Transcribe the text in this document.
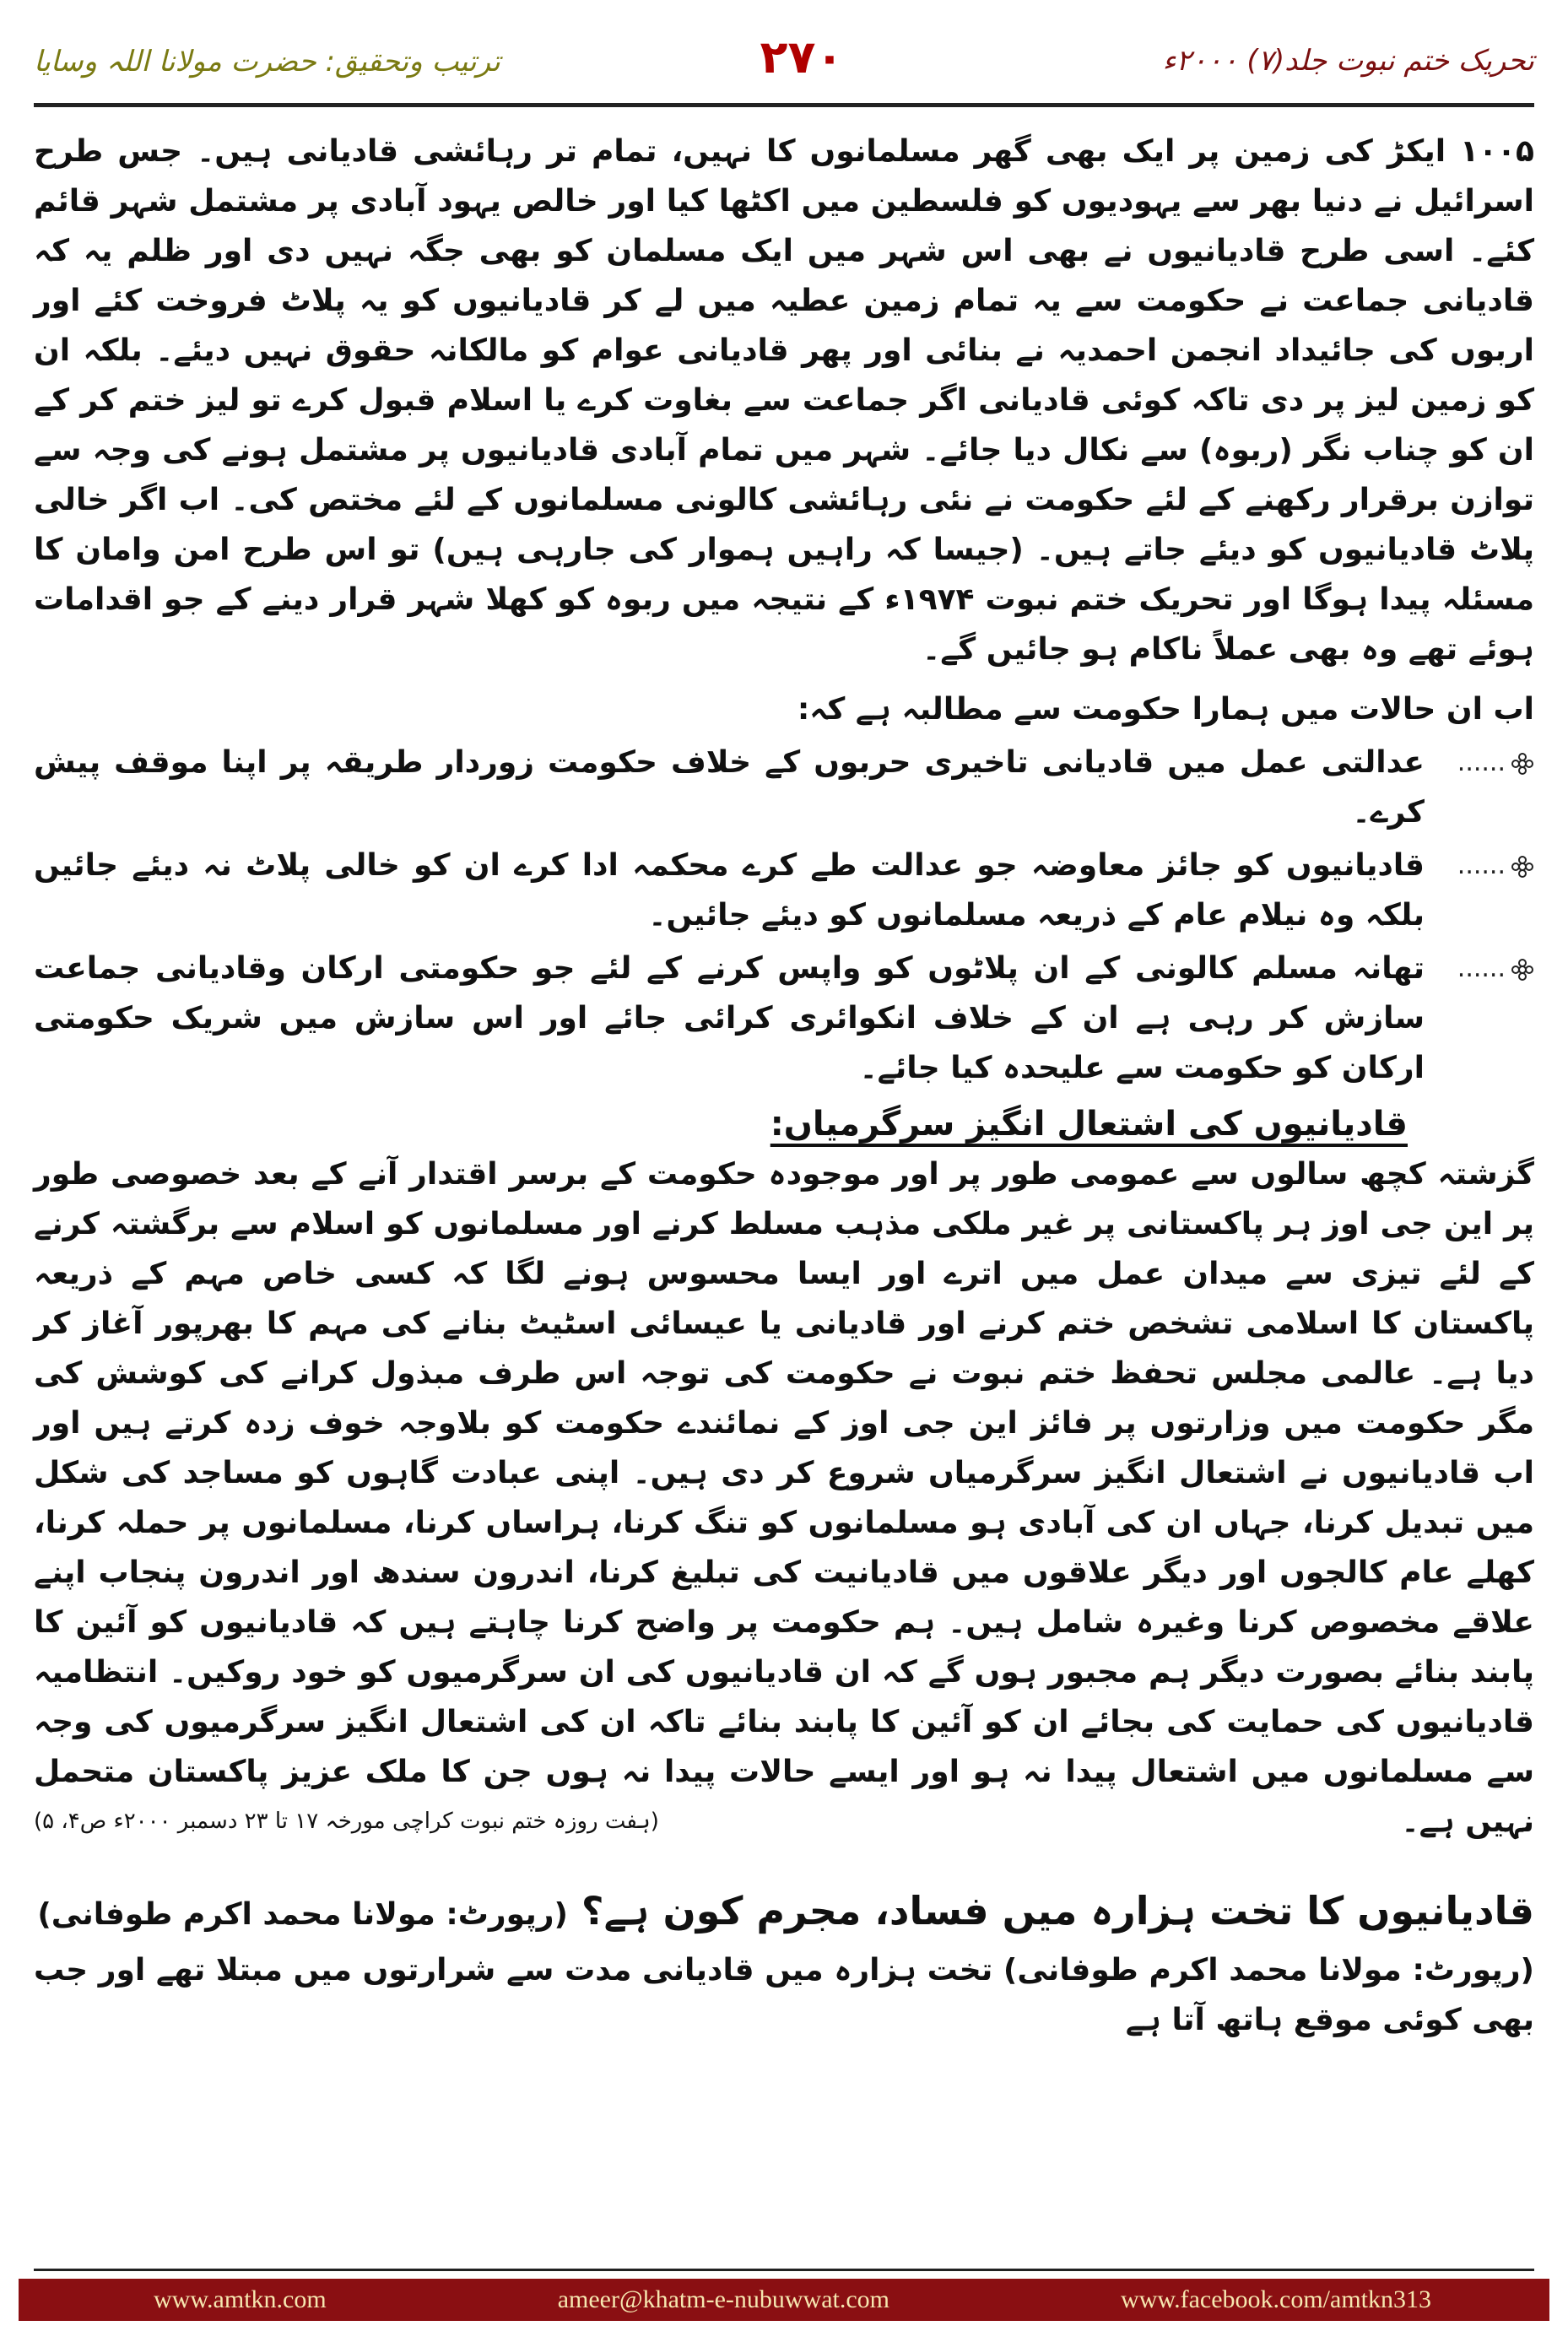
ترتیب وتحقیق: حضرت مولانا اللہ وسایا	۲۷۰	تحریک ختم نبوت جلد(۷) ۲۰۰۰ء

۱۰۰۵ ایکڑ کی زمین پر ایک بھی گھر مسلمانوں کا نہیں، تمام تر رہائشی قادیانی ہیں۔ جس طرح اسرائیل نے دنیا بھر سے یہودیوں کو فلسطین میں اکٹھا کیا اور خالص یہود آبادی پر مشتمل شہر قائم کئے۔ اسی طرح قادیانیوں نے بھی اس شہر میں ایک مسلمان کو بھی جگہ نہیں دی اور ظلم یہ کہ قادیانی جماعت نے حکومت سے یہ تمام زمین عطیہ میں لے کر قادیانیوں کو یہ پلاٹ فروخت کئے اور اربوں کی جائیداد انجمن احمدیہ نے بنائی اور پھر قادیانی عوام کو مالکانہ حقوق نہیں دیئے۔ بلکہ ان کو زمین لیز پر دی تاکہ کوئی قادیانی اگر جماعت سے بغاوت کرے یا اسلام قبول کرے تو لیز ختم کر کے ان کو چناب نگر (ربوہ) سے نکال دیا جائے۔ شہر میں تمام آبادی قادیانیوں پر مشتمل ہونے کی وجہ سے توازن برقرار رکھنے کے لئے حکومت نے نئی رہائشی کالونی مسلمانوں کے لئے مختص کی۔ اب اگر خالی پلاٹ قادیانیوں کو دیئے جاتے ہیں۔ (جیسا کہ راہیں ہموار کی جارہی ہیں) تو اس طرح امن وامان کا مسئلہ پیدا ہوگا اور تحریک ختم نبوت ۱۹۷۴ء کے نتیجہ میں ربوہ کو کھلا شہر قرار دینے کے جو اقدامات ہوئے تھے وہ بھی عملاً ناکام ہو جائیں گے۔

اب ان حالات میں ہمارا حکومت سے مطالبہ ہے کہ:

......
عدالتی عمل میں قادیانی تاخیری حربوں کے خلاف حکومت زوردار طریقہ پر اپنا موقف پیش کرے۔

......
قادیانیوں کو جائز معاوضہ جو عدالت طے کرے محکمہ ادا کرے ان کو خالی پلاٹ نہ دیئے جائیں بلکہ وہ نیلام عام کے ذریعہ مسلمانوں کو دیئے جائیں۔

......
تھانہ مسلم کالونی کے ان پلاٹوں کو واپس کرنے کے لئے جو حکومتی ارکان وقادیانی جماعت سازش کر رہی ہے ان کے خلاف انکوائری کرائی جائے اور اس سازش میں شریک حکومتی ارکان کو حکومت سے علیحدہ کیا جائے۔

قادیانیوں کی اشتعال انگیز سرگرمیاں:

گزشتہ کچھ سالوں سے عمومی طور پر اور موجودہ حکومت کے برسر اقتدار آنے کے بعد خصوصی طور پر این جی اوز ہر پاکستانی پر غیر ملکی مذہب مسلط کرنے اور مسلمانوں کو اسلام سے برگشتہ کرنے کے لئے تیزی سے میدان عمل میں اترے اور ایسا محسوس ہونے لگا کہ کسی خاص مہم کے ذریعہ پاکستان کا اسلامی تشخص ختم کرنے اور قادیانی یا عیسائی اسٹیٹ بنانے کی مہم کا بھرپور آغاز کر دیا ہے۔ عالمی مجلس تحفظ ختم نبوت نے حکومت کی توجہ اس طرف مبذول کرانے کی کوشش کی مگر حکومت میں وزارتوں پر فائز این جی اوز کے نمائندے حکومت کو بلاوجہ خوف زدہ کرتے ہیں اور اب قادیانیوں نے اشتعال انگیز سرگرمیاں شروع کر دی ہیں۔ اپنی عبادت گاہوں کو مساجد کی شکل میں تبدیل کرنا، جہاں ان کی آبادی ہو مسلمانوں کو تنگ کرنا، ہراساں کرنا، مسلمانوں پر حملہ کرنا، کھلے عام کالجوں اور دیگر علاقوں میں قادیانیت کی تبلیغ کرنا، اندرون سندھ اور اندرون پنجاب اپنے علاقے مخصوص کرنا وغیرہ شامل ہیں۔ ہم حکومت پر واضح کرنا چاہتے ہیں کہ قادیانیوں کو آئین کا پابند بنائے بصورت دیگر ہم مجبور ہوں گے کہ ان قادیانیوں کی ان سرگرمیوں کو خود روکیں۔ انتظامیہ قادیانیوں کی حمایت کی بجائے ان کو آئین کا پابند بنائے تاکہ ان کی اشتعال انگیز سرگرمیوں کی وجہ سے مسلمانوں میں اشتعال پیدا نہ ہو اور ایسے حالات پیدا نہ ہوں جن کا ملک عزیز پاکستان متحمل نہیں ہے۔
(ہفت روزہ ختم نبوت کراچی مورخہ ۱۷ تا ۲۳ دسمبر ۲۰۰۰ء ص۴، ۵)

قادیانیوں کا تخت ہزارہ میں فساد، مجرم کون ہے؟ (رپورٹ: مولانا محمد اکرم طوفانی)

(رپورٹ: مولانا محمد اکرم طوفانی) تخت ہزارہ میں قادیانی مدت سے شرارتوں میں مبتلا تھے اور جب بھی کوئی موقع ہاتھ آتا ہے

www.amtkn.com	ameer@khatm-e-nubuwwat.com	www.facebook.com/amtkn313
